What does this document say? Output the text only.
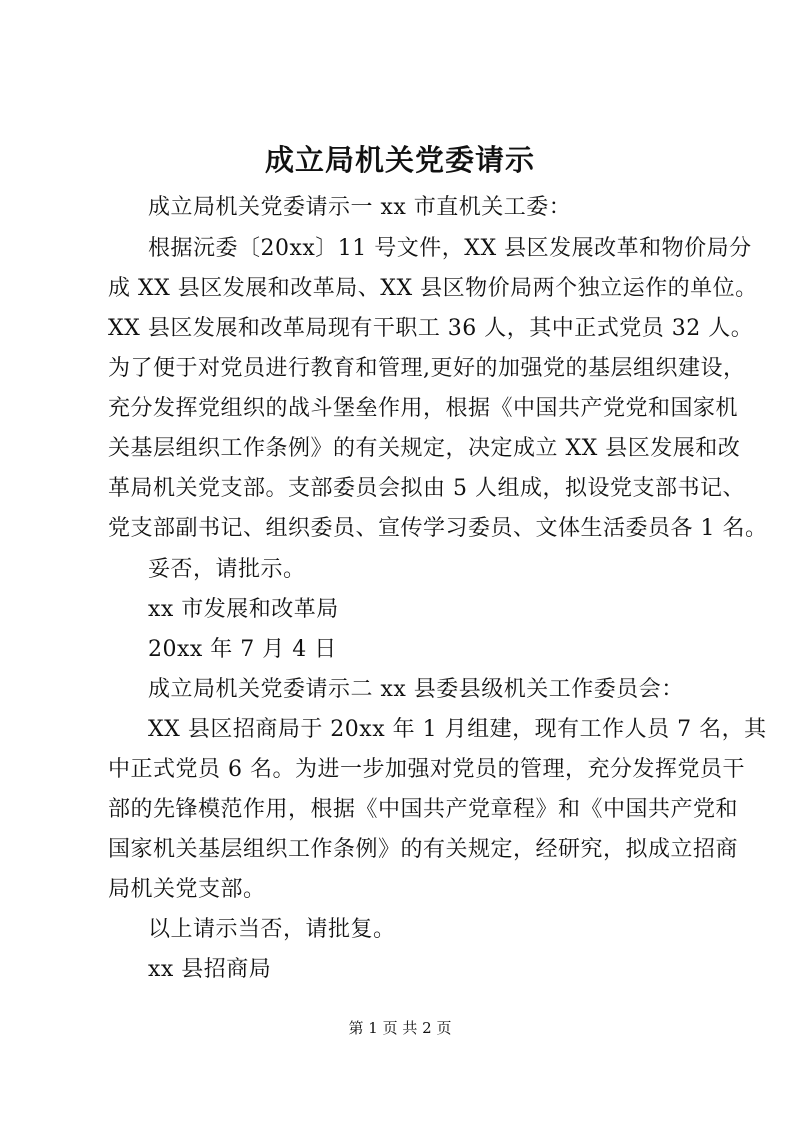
成立局机关党委请示
成立局机关党委请示一 xx 市直机关工委：
根据沅委〔20xx〕11 号文件，XX 县区发展改革和物价局分
成 XX 县区发展和改革局、XX 县区物价局两个独立运作的单位。
XX 县区发展和改革局现有干职工 36 人，其中正式党员 32 人。
为了便于对党员进行教育和管理,更好的加强党的基层组织建设，
充分发挥党组织的战斗堡垒作用，根据《中国共产党党和国家机
关基层组织工作条例》的有关规定，决定成立 XX 县区发展和改
革局机关党支部。支部委员会拟由 5 人组成，拟设党支部书记、
党支部副书记、组织委员、宣传学习委员、文体生活委员各 1 名。
妥否，请批示。
xx 市发展和改革局
20xx 年 7 月 4 日
成立局机关党委请示二 xx 县委县级机关工作委员会：
XX 县区招商局于 20xx 年 1 月组建，现有工作人员 7 名，其
中正式党员 6 名。为进一步加强对党员的管理，充分发挥党员干
部的先锋模范作用，根据《中国共产党章程》和《中国共产党和
国家机关基层组织工作条例》的有关规定，经研究，拟成立招商
局机关党支部。
以上请示当否，请批复。
xx 县招商局
第 1 页 共 2 页
